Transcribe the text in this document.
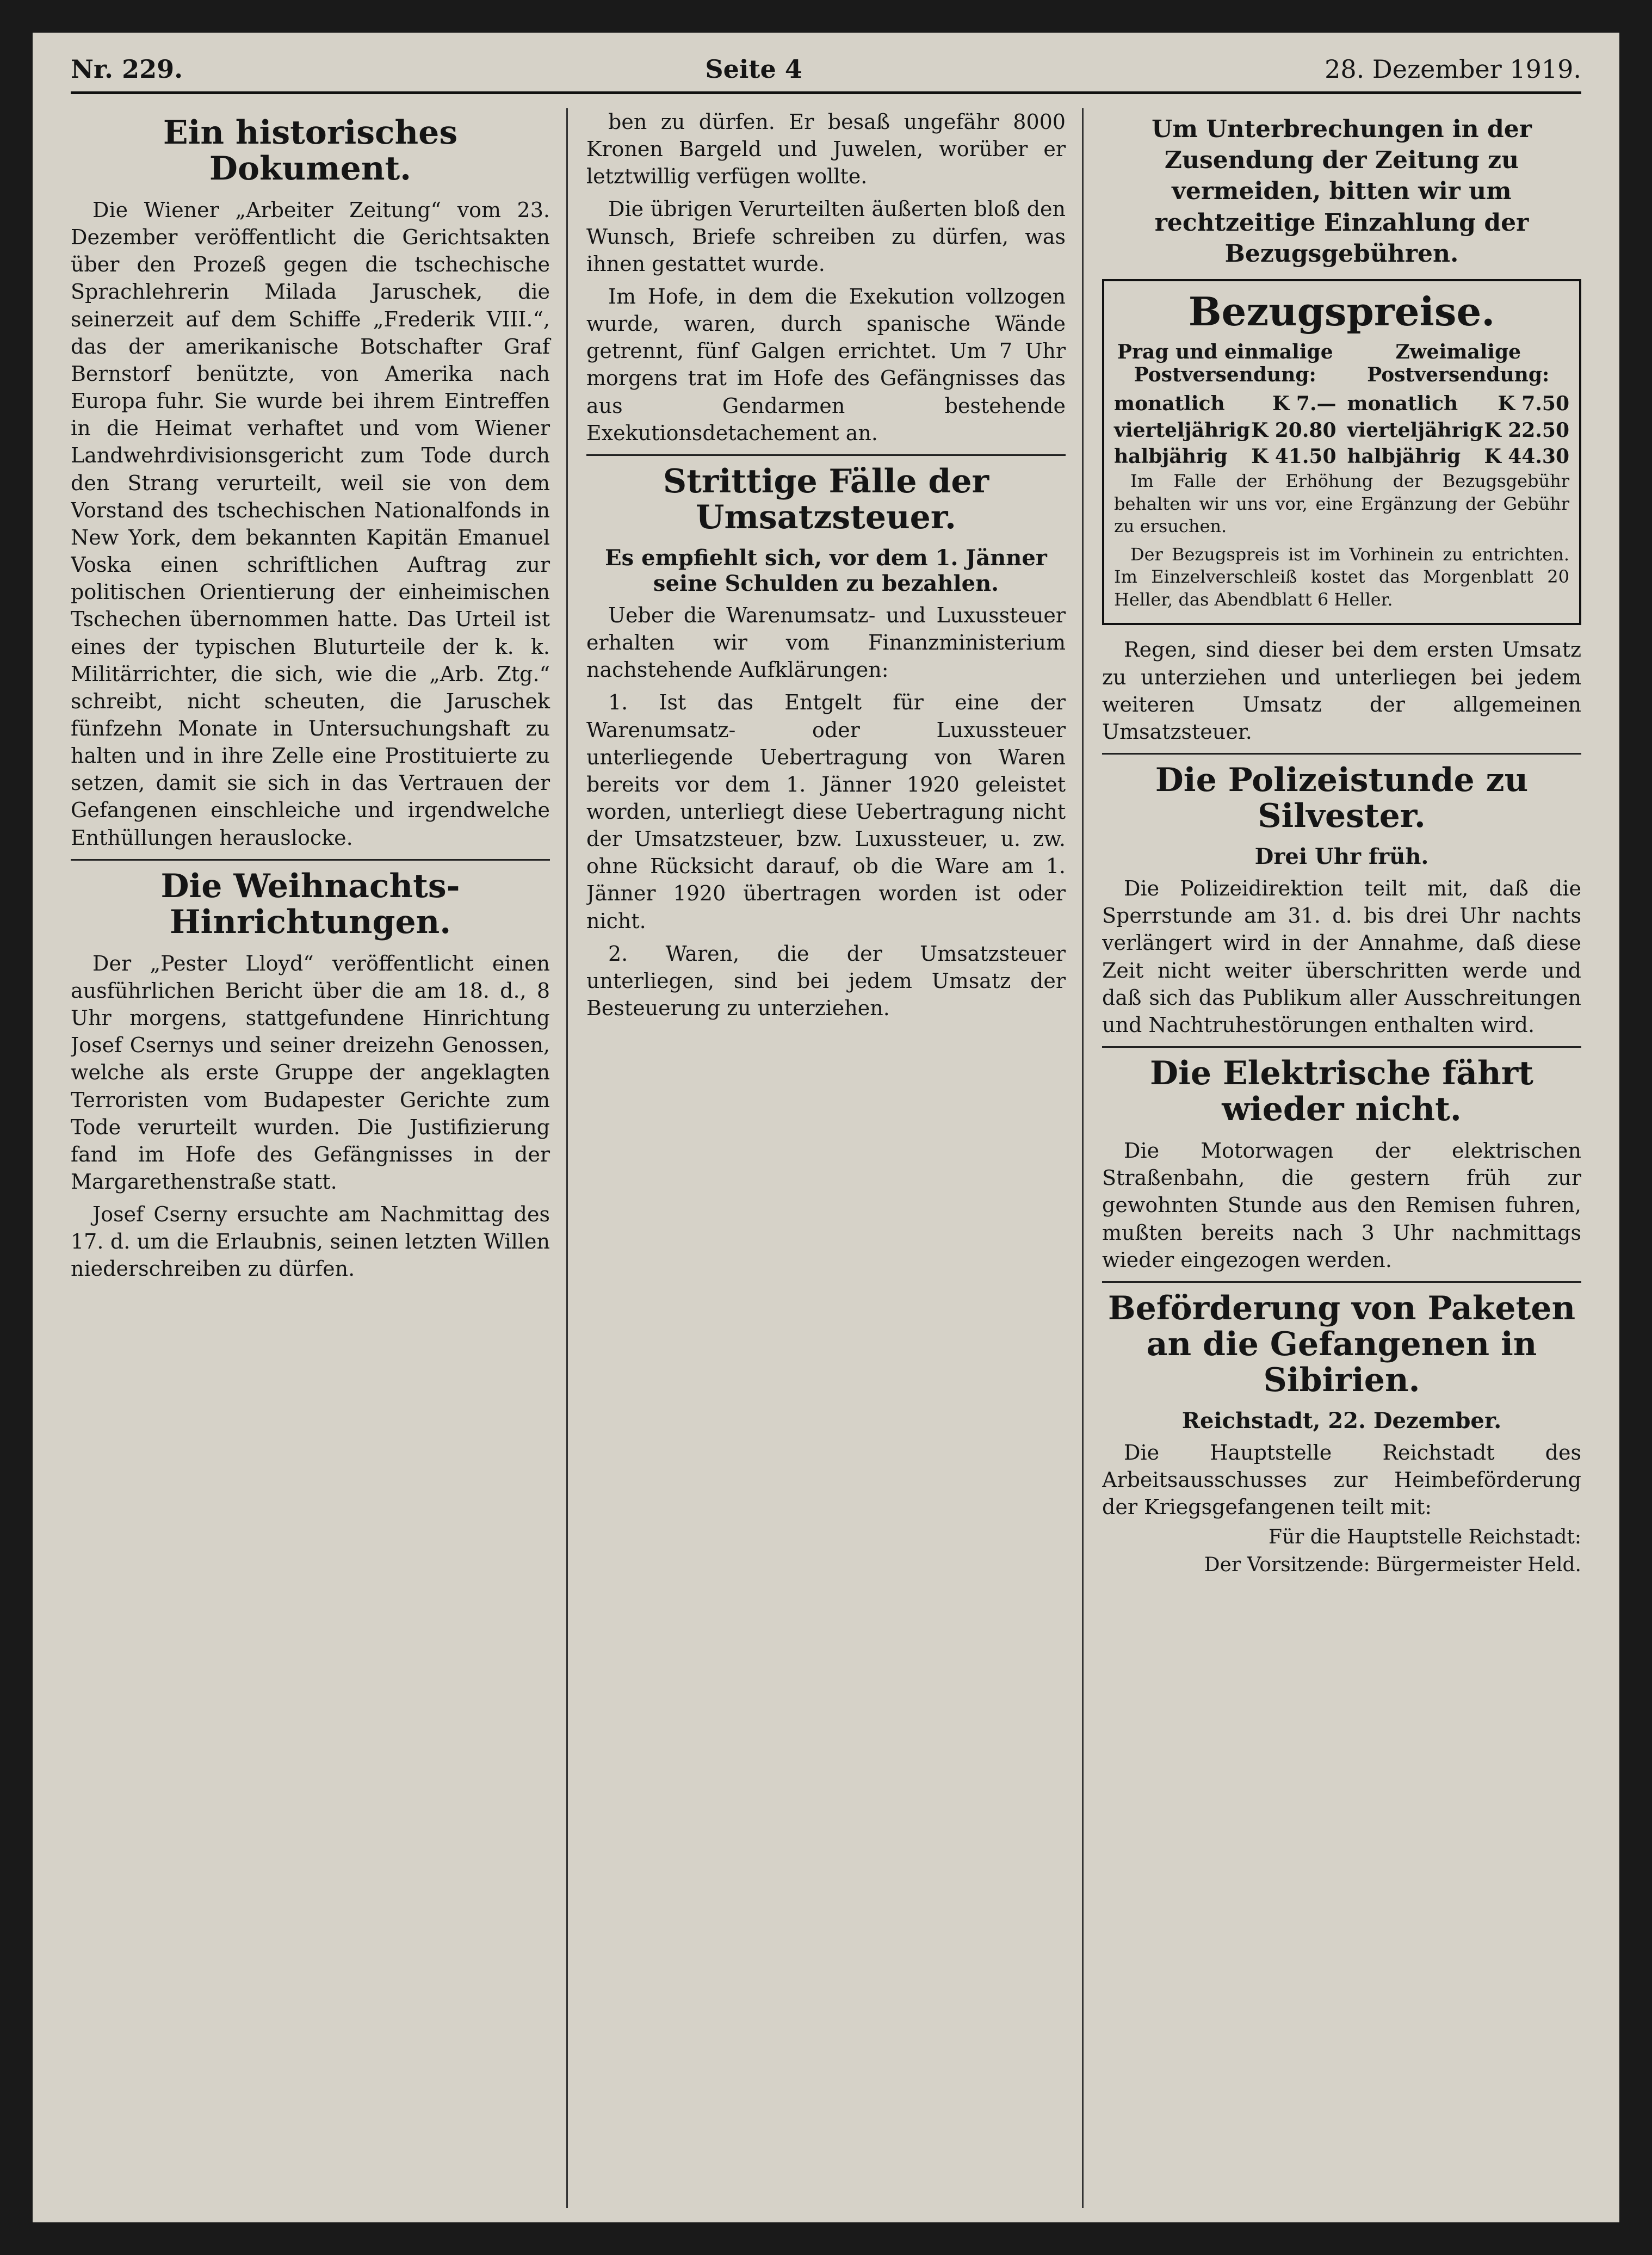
Nr. 229.	Seite 4	28. Dezember 1919.
Ein historisches Dokument.

Die Wiener „Arbeiter Zeitung“ vom 23. Dezember veröffentlicht die Gerichtsakten über den Prozeß gegen die tschechische Sprachlehrerin Milada Jaruschek, die seinerzeit auf dem Schiffe „Frederik VIII.“, das der amerikanische Botschafter Graf Bernstorf benützte, von Amerika nach Europa fuhr. Sie wurde bei ihrem Eintreffen in die Heimat verhaftet und vom Wiener Landwehrdivisionsgericht zum Tode durch den Strang verurteilt, weil sie von dem Vorstand des tschechischen Nationalfonds in New York, dem bekannten Kapitän Emanuel Voska einen schriftlichen Auftrag zur politischen Orientierung der einheimischen Tschechen übernommen hatte. Das Urteil ist eines der typischen Bluturteile der k. k. Militärrichter, die sich, wie die „Arb. Ztg.“ schreibt, nicht scheuten, die Jaruschek fünfzehn Monate in Untersuchungshaft zu halten und in ihre Zelle eine Prostituierte zu setzen, damit sie sich in das Vertrauen der Gefangenen einschleiche und irgendwelche Enthüllungen herauslocke.

Die Weihnachts-Hinrichtungen.

Der „Pester Lloyd“ veröffentlicht einen ausführlichen Bericht über die am 18. d., 8 Uhr morgens, stattgefundene Hinrichtung Josef Csernys und seiner dreizehn Genossen, welche als erste Gruppe der angeklagten Terroristen vom Budapester Gerichte zum Tode verurteilt wurden. Die Justifizierung fand im Hofe des Gefängnisses in der Margarethenstraße statt.

Josef Cserny ersuchte am Nachmittag des 17. d. um die Erlaubnis, seinen letzten Willen niederschreiben zu dürfen.

ben zu dürfen. Er besaß ungefähr 8000 Kronen Bargeld und Juwelen, worüber er letztwillig verfügen wollte.

Die übrigen Verurteilten äußerten bloß den Wunsch, Briefe schreiben zu dürfen, was ihnen gestattet wurde.

Im Hofe, in dem die Exekution vollzogen wurde, waren, durch spanische Wände getrennt, fünf Galgen errichtet. Um 7 Uhr morgens trat im Hofe des Gefängnisses das aus Gendarmen bestehende Exekutionsdetachement an.

Strittige Fälle der Umsatzsteuer.
Es empfiehlt sich, vor dem 1. Jänner seine Schulden zu bezahlen.

Ueber die Warenumsatz- und Luxussteuer erhalten wir vom Finanzministerium nachstehende Aufklärungen:

1. Ist das Entgelt für eine der Warenumsatz- oder Luxussteuer unterliegende Uebertragung von Waren bereits vor dem 1. Jänner 1920 geleistet worden, unterliegt diese Uebertragung nicht der Umsatzsteuer, bzw. Luxussteuer, u. zw. ohne Rücksicht darauf, ob die Ware am 1. Jänner 1920 übertragen worden ist oder nicht.

2. Waren, die der Umsatzsteuer unterliegen, sind bei jedem Umsatz der Besteuerung zu unterziehen.

Um Unterbrechungen in der Zusendung der Zeitung zu vermeiden, bitten wir um rechtzeitige Einzahlung der Bezugsgebühren.
Bezugspreise.
Prag und einmalige Postversendung:
monatlich K 7.—
vierteljährig K 20.80
halbjährig K 41.50
Zweimalige Postversendung:
monatlich K 7.50
vierteljährig K 22.50
halbjährig K 44.30

Im Falle der Erhöhung der Bezugsgebühr behalten wir uns vor, eine Ergänzung der Gebühr zu ersuchen.

Der Bezugspreis ist im Vorhinein zu entrichten. Im Einzelverschleiß kostet das Morgenblatt 20 Heller, das Abendblatt 6 Heller.

Regen, sind dieser bei dem ersten Umsatz zu unterziehen und unterliegen bei jedem weiteren Umsatz der allgemeinen Umsatzsteuer.

Die Polizeistunde zu Silvester.
Drei Uhr früh.

Die Polizeidirektion teilt mit, daß die Sperrstunde am 31. d. bis drei Uhr nachts verlängert wird in der Annahme, daß diese Zeit nicht weiter überschritten werde und daß sich das Publikum aller Ausschreitungen und Nachtruhestörungen enthalten wird.

Die Elektrische fährt wieder nicht.

Die Motorwagen der elektrischen Straßenbahn, die gestern früh zur gewohnten Stunde aus den Remisen fuhren, mußten bereits nach 3 Uhr nachmittags wieder eingezogen werden.

Beförderung von Paketen an die Gefangenen in Sibirien.
Reichstadt, 22. Dezember.

Die Hauptstelle Reichstadt des Arbeitsausschusses zur Heimbeförderung der Kriegsgefangenen teilt mit:

Für die Hauptstelle Reichstadt:
Der Vorsitzende: Bürgermeister Held.
